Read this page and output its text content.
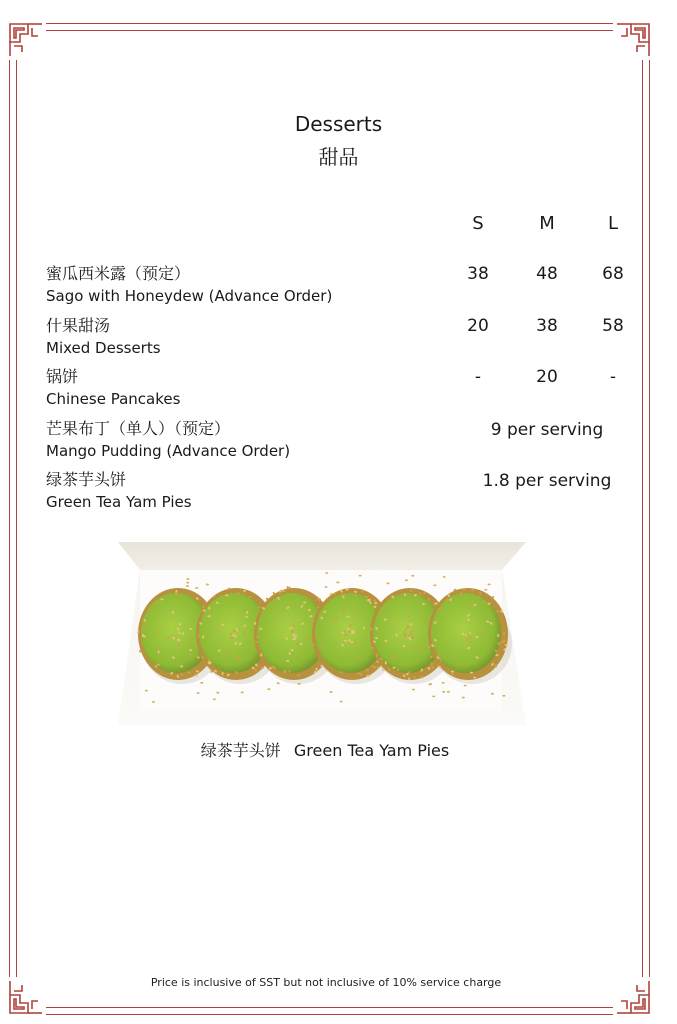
Desserts
甜品
S	M	L
蜜瓜西米露（预定）
Sago with Honeydew (Advance Order)
38	48	68
什果甜汤
Mixed Desserts
20	38	58
锅饼
Chinese Pancakes
-	20	-
芒果布丁（单人）（预定）
Mango Pudding (Advance Order)
9 per serving
绿茶芋头饼
Green Tea Yam Pies
1.8 per serving
绿茶芋头饼 Green Tea Yam Pies
Price is inclusive of SST but not inclusive of 10% service charge
